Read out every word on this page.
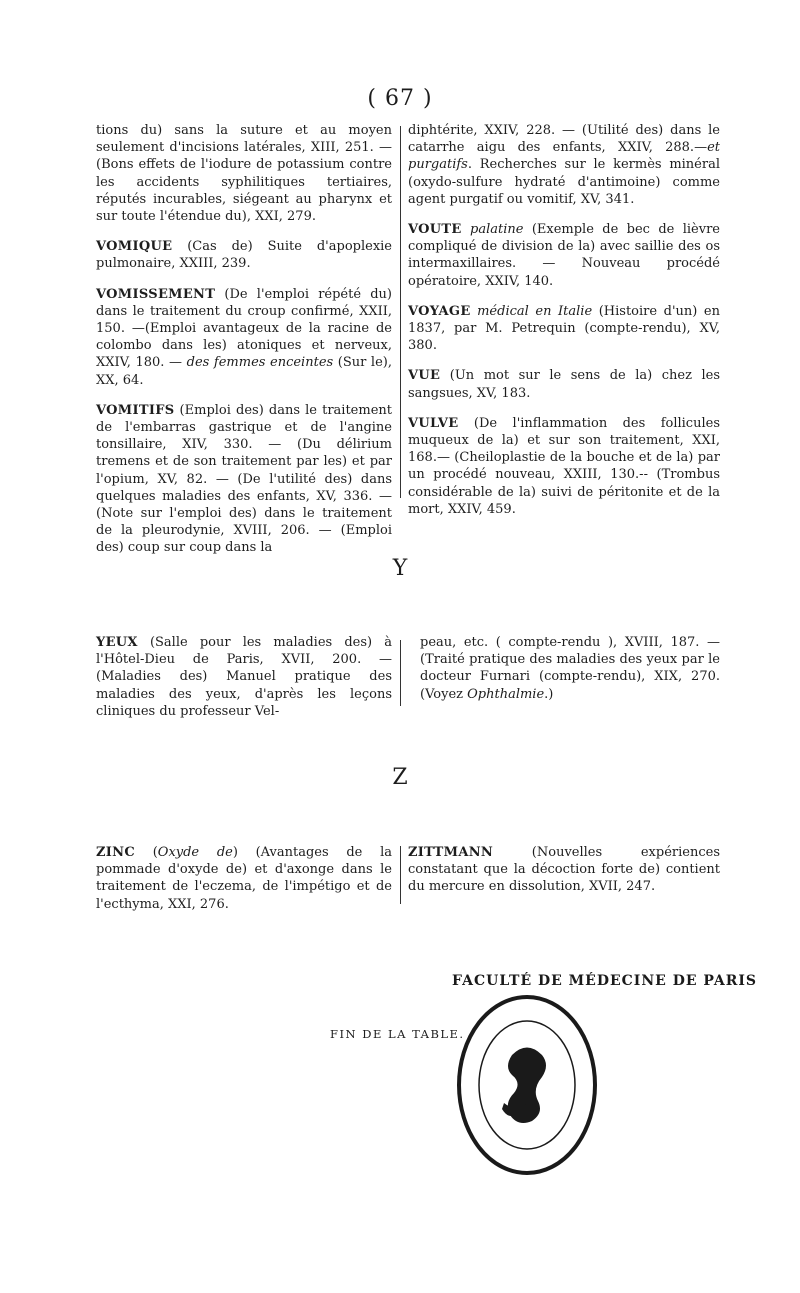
( 67 )

tions du) sans la suture et au moyen seulement d'incisions latérales, XIII, 251. — (Bons effets de l'iodure de potassium contre les accidents syphilitiques tertiaires, réputés incurables, siégeant au pharynx et sur toute l'étendue du), XXI, 279.

VOMIQUE (Cas de) Suite d'apoplexie pulmonaire, XXIII, 239.

VOMISSEMENT (De l'emploi répété du) dans le traitement du croup confirmé, XXII, 150. —(Emploi avantageux de la racine de colombo dans les) atoniques et nerveux, XXIV, 180. — des femmes enceintes (Sur le), XX, 64.

VOMITIFS (Emploi des) dans le traitement de l'embarras gastrique et de l'angine tonsillaire, XIV, 330. — (Du délirium tremens et de son traitement par les) et par l'opium, XV, 82. — (De l'utilité des) dans quelques maladies des enfants, XV, 336. — (Note sur l'emploi des) dans le traitement de la pleurodynie, XVIII, 206. — (Emploi des) coup sur coup dans la

diphtérite, XXIV, 228. — (Utilité des) dans le catarrhe aigu des enfants, XXIV, 288.—et purgatifs. Recherches sur le kermès minéral (oxydo-sulfure hydraté d'antimoine) comme agent purgatif ou vomitif, XV, 341.

VOUTE palatine (Exemple de bec de lièvre compliqué de division de la) avec saillie des os intermaxillaires. — Nouveau procédé opératoire, XXIV, 140.

VOYAGE médical en Italie (Histoire d'un) en 1837, par M. Petrequin (compte-rendu), XV, 380.

VUE (Un mot sur le sens de la) chez les sangsues, XV, 183.

VULVE (De l'inflammation des follicules muqueux de la) et sur son traitement, XXI, 168.— (Cheiloplastie de la bouche et de la) par un procédé nouveau, XXIII, 130.-- (Trombus considérable de la) suivi de péritonite et de la mort, XXIV, 459.

Y

YEUX (Salle pour les maladies des) à l'Hôtel-Dieu de Paris, XVII, 200. — (Maladies des) Manuel pratique des maladies des yeux, d'après les leçons cliniques du professeur Vel-

peau, etc. ( compte-rendu ), XVIII, 187. — (Traité pratique des maladies des yeux par le docteur Furnari (compte-rendu), XIX, 270. (Voyez Ophthalmie.)

Z

ZINC (Oxyde de) (Avantages de la pommade d'oxyde de) et d'axonge dans le traitement de l'eczema, de l'impétigo et de l'ecthyma, XXI, 276.

ZITTMANN (Nouvelles expériences constatant que la décoction forte de) contient du mercure en dissolution, XVII, 247.

FIN DE LA TABLE.
FACULTÉ DE MÉDECINE DE PARIS
